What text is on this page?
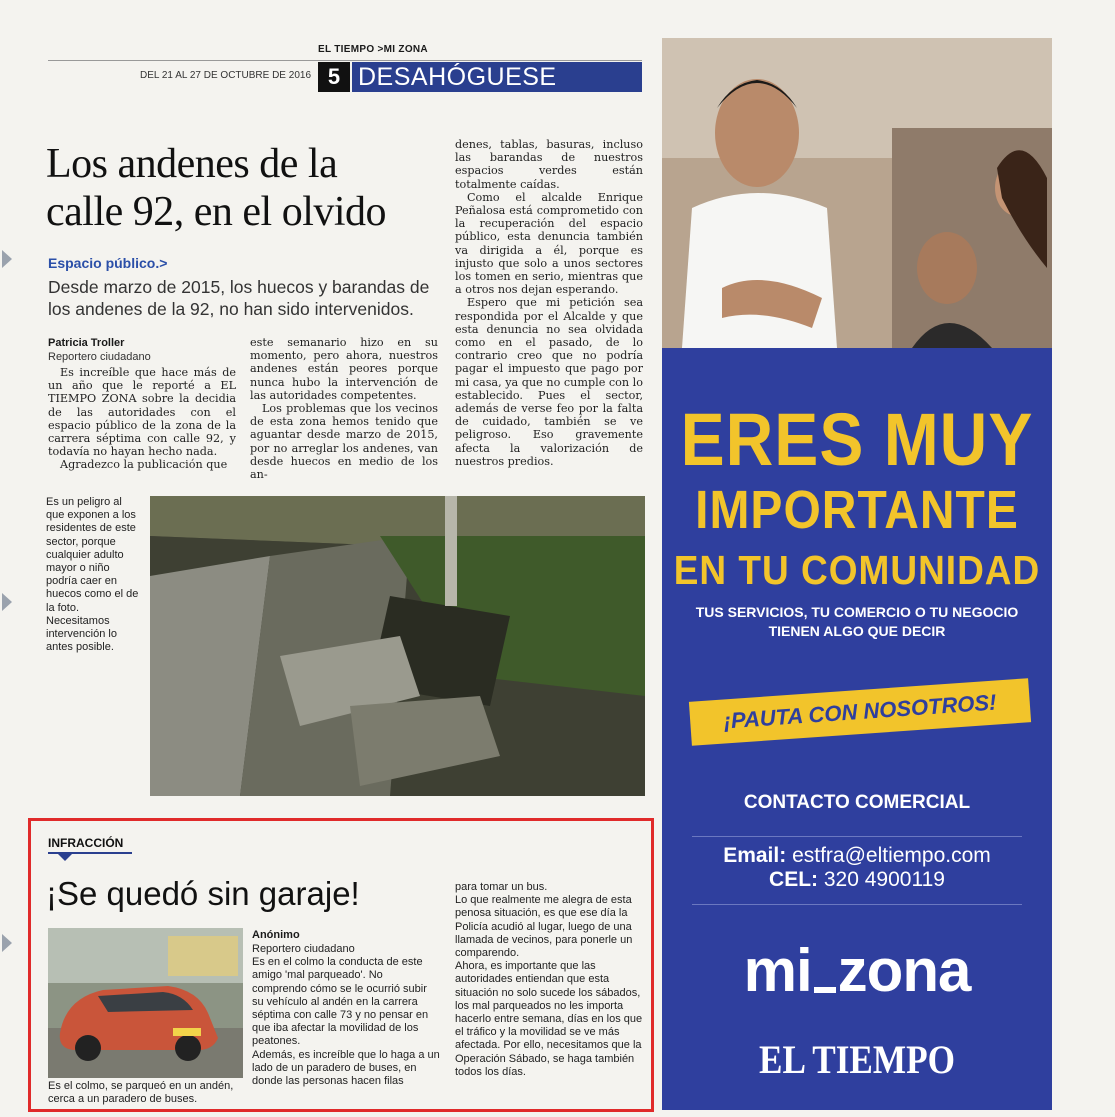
EL TIEMPO >MI ZONA
DEL 21 AL 27 DE OCTUBRE DE 2016 5 DESAHÓGUESE
Los andenes de la
calle 92, en el olvido
Espacio público.>
Desde marzo de 2015, los huecos y barandas de
los andenes de la 92, no han sido intervenidos.
Patricia Troller
Reportero ciudadano

Es increíble que hace más de un año que le reporté a EL TIEMPO ZONA sobre la decidia de las autoridades con el espacio público de la zona de la carrera séptima con calle 92, y todavía no hayan hecho nada.

Agradezco la publicación que

este semanario hizo en su momento, pero ahora, nuestros andenes están peores porque nunca hubo la intervención de las autoridades competentes.

Los problemas que los vecinos de esta zona hemos tenido que aguantar desde marzo de 2015, por no arreglar los andenes, van desde huecos en medio de los an-

denes, tablas, basuras, incluso las barandas de nuestros espacios verdes están totalmente caídas.

Como el alcalde Enrique Peñalosa está comprometido con la recuperación del espacio público, esta denuncia también va dirigida a él, porque es injusto que solo a unos sectores los tomen en serio, mientras que a otros nos dejan esperando.

Espero que mi petición sea respondida por el Alcalde y que esta denuncia no sea olvidada como en el pasado, de lo contrario creo que no podría pagar el impuesto que pago por mi casa, ya que no cumple con lo establecido. Pues el sector, además de verse feo por la falta de cuidado, también se ve peligroso. Eso gravemente afecta la valorización de nuestros predios.

Es un peligro al que exponen a los residentes de este sector, porque cualquier adulto mayor o niño podría caer en huecos como el de la foto. Necesitamos intervención lo antes posible.
INFRACCIÓN
¡Se quedó sin garaje!
Es el colmo, se parqueó en un andén, cerca a un paradero de buses.
Anónimo
Reportero ciudadano

Es en el colmo la conducta de este amigo 'mal parqueado'. No comprendo cómo se le ocurrió subir su vehículo al andén en la carrera séptima con calle 73 y no pensar en que iba afectar la movilidad de los peatones.

Además, es increíble que lo haga a un lado de un paradero de buses, en donde las personas hacen filas

para tomar un bus.

Lo que realmente me alegra de esta penosa situación, es que ese día la Policía acudió al lugar, luego de una llamada de vecinos, para ponerle un comparendo.

Ahora, es importante que las autoridades entiendan que esta situación no solo sucede los sábados, los mal parqueados no les importa hacerlo entre semana, días en los que el tráfico y la movilidad se ve más afectada. Por ello, necesitamos que la Operación Sábado, se haga también todos los días.

ERES MUY
IMPORTANTE
EN TU COMUNIDAD
TUS SERVICIOS, TU COMERCIO O TU NEGOCIO
TIENEN ALGO QUE DECIR
¡PAUTA CON NOSOTROS!
CONTACTO COMERCIAL
Email: estfra@eltiempo.com
CEL: 320 4900119
mi zona
EL TIEMPO
